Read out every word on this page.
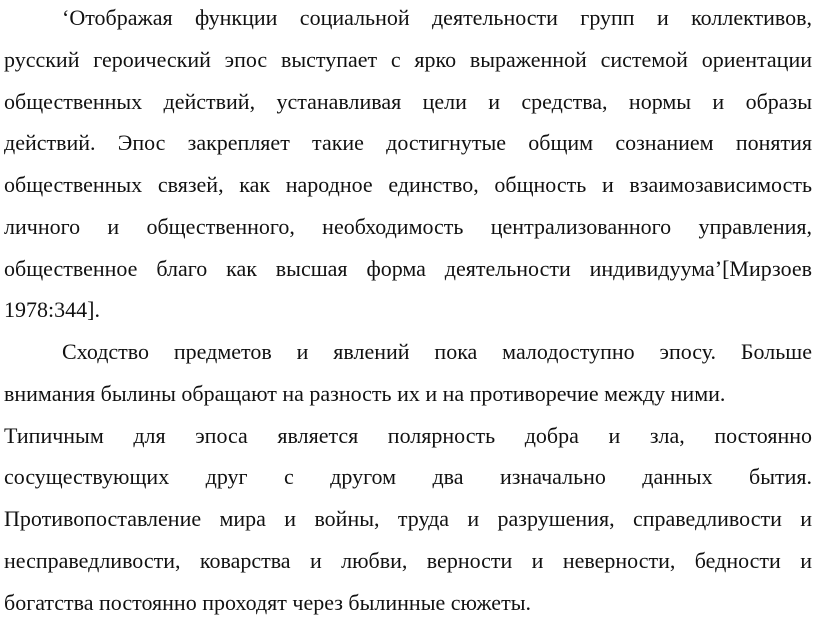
‘Отображая функции социальной деятельности групп и коллективов,
русский героический эпос выступает с ярко выраженной системой ориентации
общественных действий, устанавливая цели и средства, нормы и образы
действий. Эпос закрепляет такие достигнутые общим сознанием понятия
общественных связей, как народное единство, общность и взаимозависимость
личного и общественного, необходимость централизованного управления,
общественное благо как высшая форма деятельности индивидуума’[Мирзоев
1978:344].
Сходство предметов и явлений пока малодоступно эпосу. Больше
внимания былины обращают на разность их и на противоречие между ними.
Типичным для эпоса является полярность добра и зла, постоянно
сосуществующих друг с другом два изначально данных бытия.
Противопоставление мира и войны, труда и разрушения, справедливости и
несправедливости, коварства и любви, верности и неверности, бедности и
богатства постоянно проходят через былинные сюжеты.
